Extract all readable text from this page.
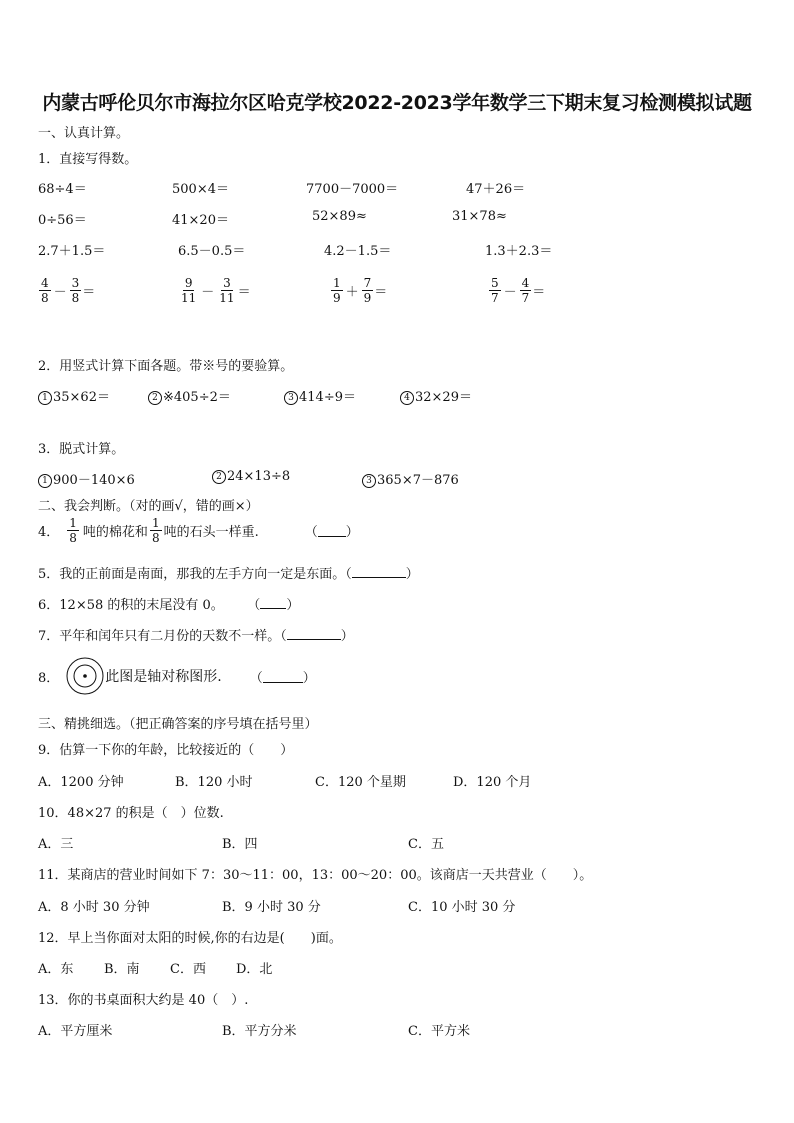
内蒙古呼伦贝尔市海拉尔区哈克学校2022-2023学年数学三下期末复习检测模拟试题
一、认真计算。
1．直接写得数。
68÷4＝	500×4＝	7700－7000＝	47＋26＝
0÷56＝	41×20＝	52×89≈	31×78≈
2.7＋1.5＝	6.5－0.5＝	4.2－1.5＝	1.3＋2.3＝
$\frac{4}{8} - \frac{3}{8}$ ＝	$\frac{9}{11} - \frac{3}{11}$ ＝	$\frac{1}{9} + \frac{7}{9}$ ＝	$\frac{5}{7} - \frac{4}{7}$ ＝
2．用竖式计算下面各题。带※号的要验算。
1 35×62＝	2 ※405÷2＝	3 414÷9＝	4 32×29＝
3．脱式计算。
1 900－140×6	2 24×13÷8	3 365×7－876
二、我会判断。（对的画√，错的画×）
4． $\frac{1}{8}$ 吨的棉花和 $\frac{1}{8}$ 吨的石头一样重.	（ ）
5．我的正前面是南面，那我的左手方向一定是东面。（	）
6．12×58 的积的末尾没有 0。 （ ）
7．平年和闰年只有二月份的天数不一样。（	）
8．	此图是轴对称图形. （	）
三、精挑细选。（把正确答案的序号填在括号里）
9．估算一下你的年龄，比较接近的（　　）
A．1200 分钟	B．120 小时	C．120 个星期	D．120 个月
10．48×27 的积是（　）位数.
A．三	B．四	C．五
11．某商店的营业时间如下 7：30～11：00，13：00～20：00。该商店一天共营业（　　）。
A．8 小时 30 分钟	B．9 小时 30 分	C．10 小时 30 分
12．早上当你面对太阳的时候,你的右边是(　　)面。
A．东 B．南 C．西 D．北
13．你的书桌面积大约是 40（　）.
A．平方厘米	B．平方分米	C．平方米
